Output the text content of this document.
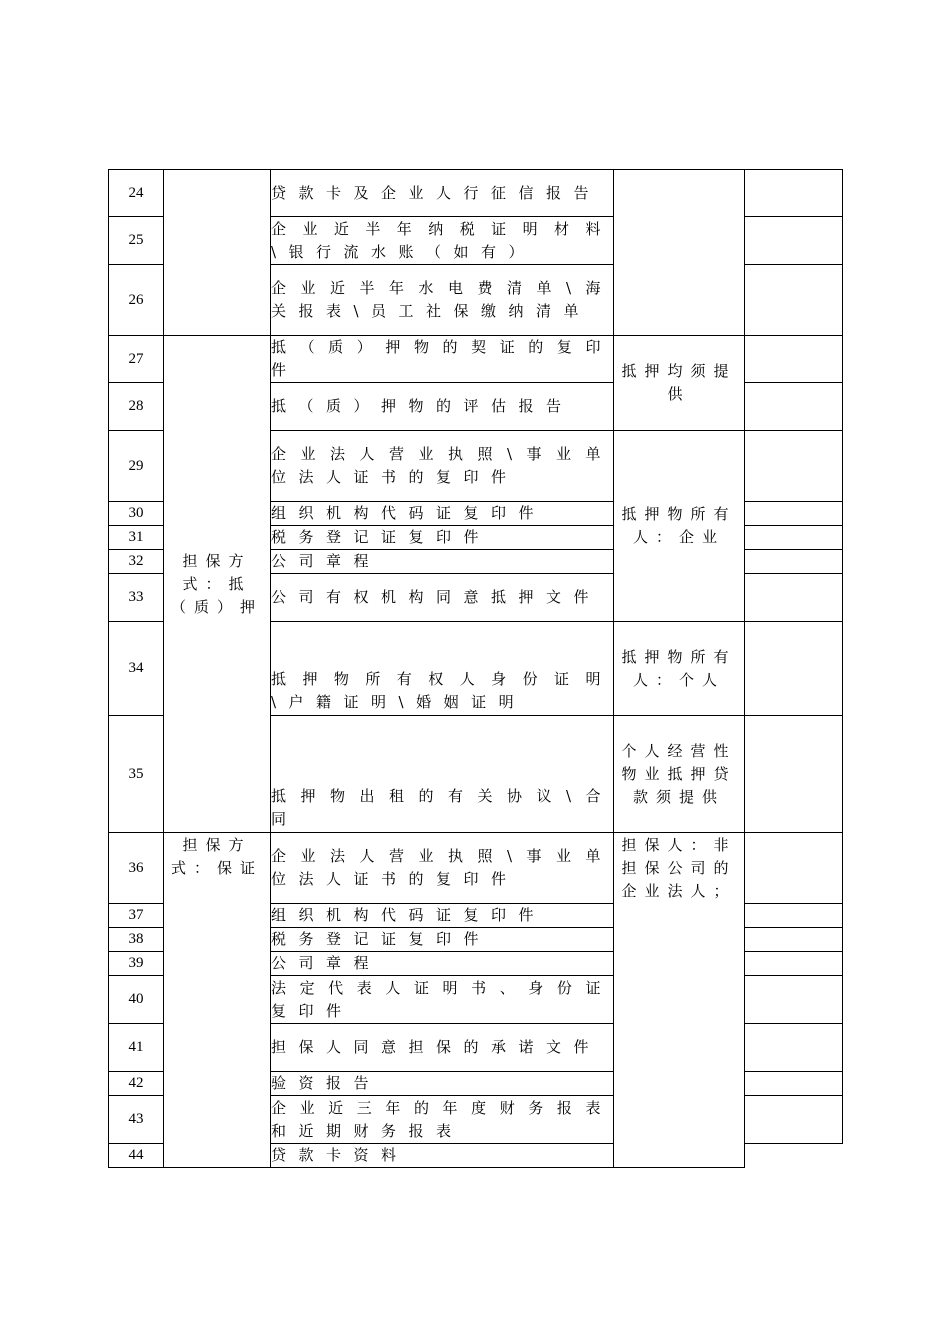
24		贷款卡及企业人行征信报告		
25		企业近半年纳税证明材料\银行流水账（如有）		
26		企业近半年水电费清单\海关报表\员工社保缴纳清单		
27	担保方式：抵（质）押	抵（质）押物的契证的复印件	抵押均须提供	
28		抵（质）押物的评估报告		
29		企业法人营业执照\事业单位法人证书的复印件	抵押物所有人：企业	
30		组织机构代码证复印件		
31		税务登记证复印件		
32		公司章程		
33		公司有权机构同意抵押文件		
34		抵押物所有权人身份证明\户籍证明\婚姻证明	抵押物所有人：个人	
35		抵押物出租的有关协议\合同	个人经营性物业抵押贷款须提供	
36	担保方式：保证	企业法人营业执照\事业单位法人证书的复印件	担保人：非担保公司的企业法人；	
37		组织机构代码证复印件		
38		税务登记证复印件		
39		公司章程		
40		法定代表人证明书、身份证复印件		
41		担保人同意担保的承诺文件		
42		验资报告		
43		企业近三年的年度财务报表和近期财务报表		
44		贷款卡资料		
